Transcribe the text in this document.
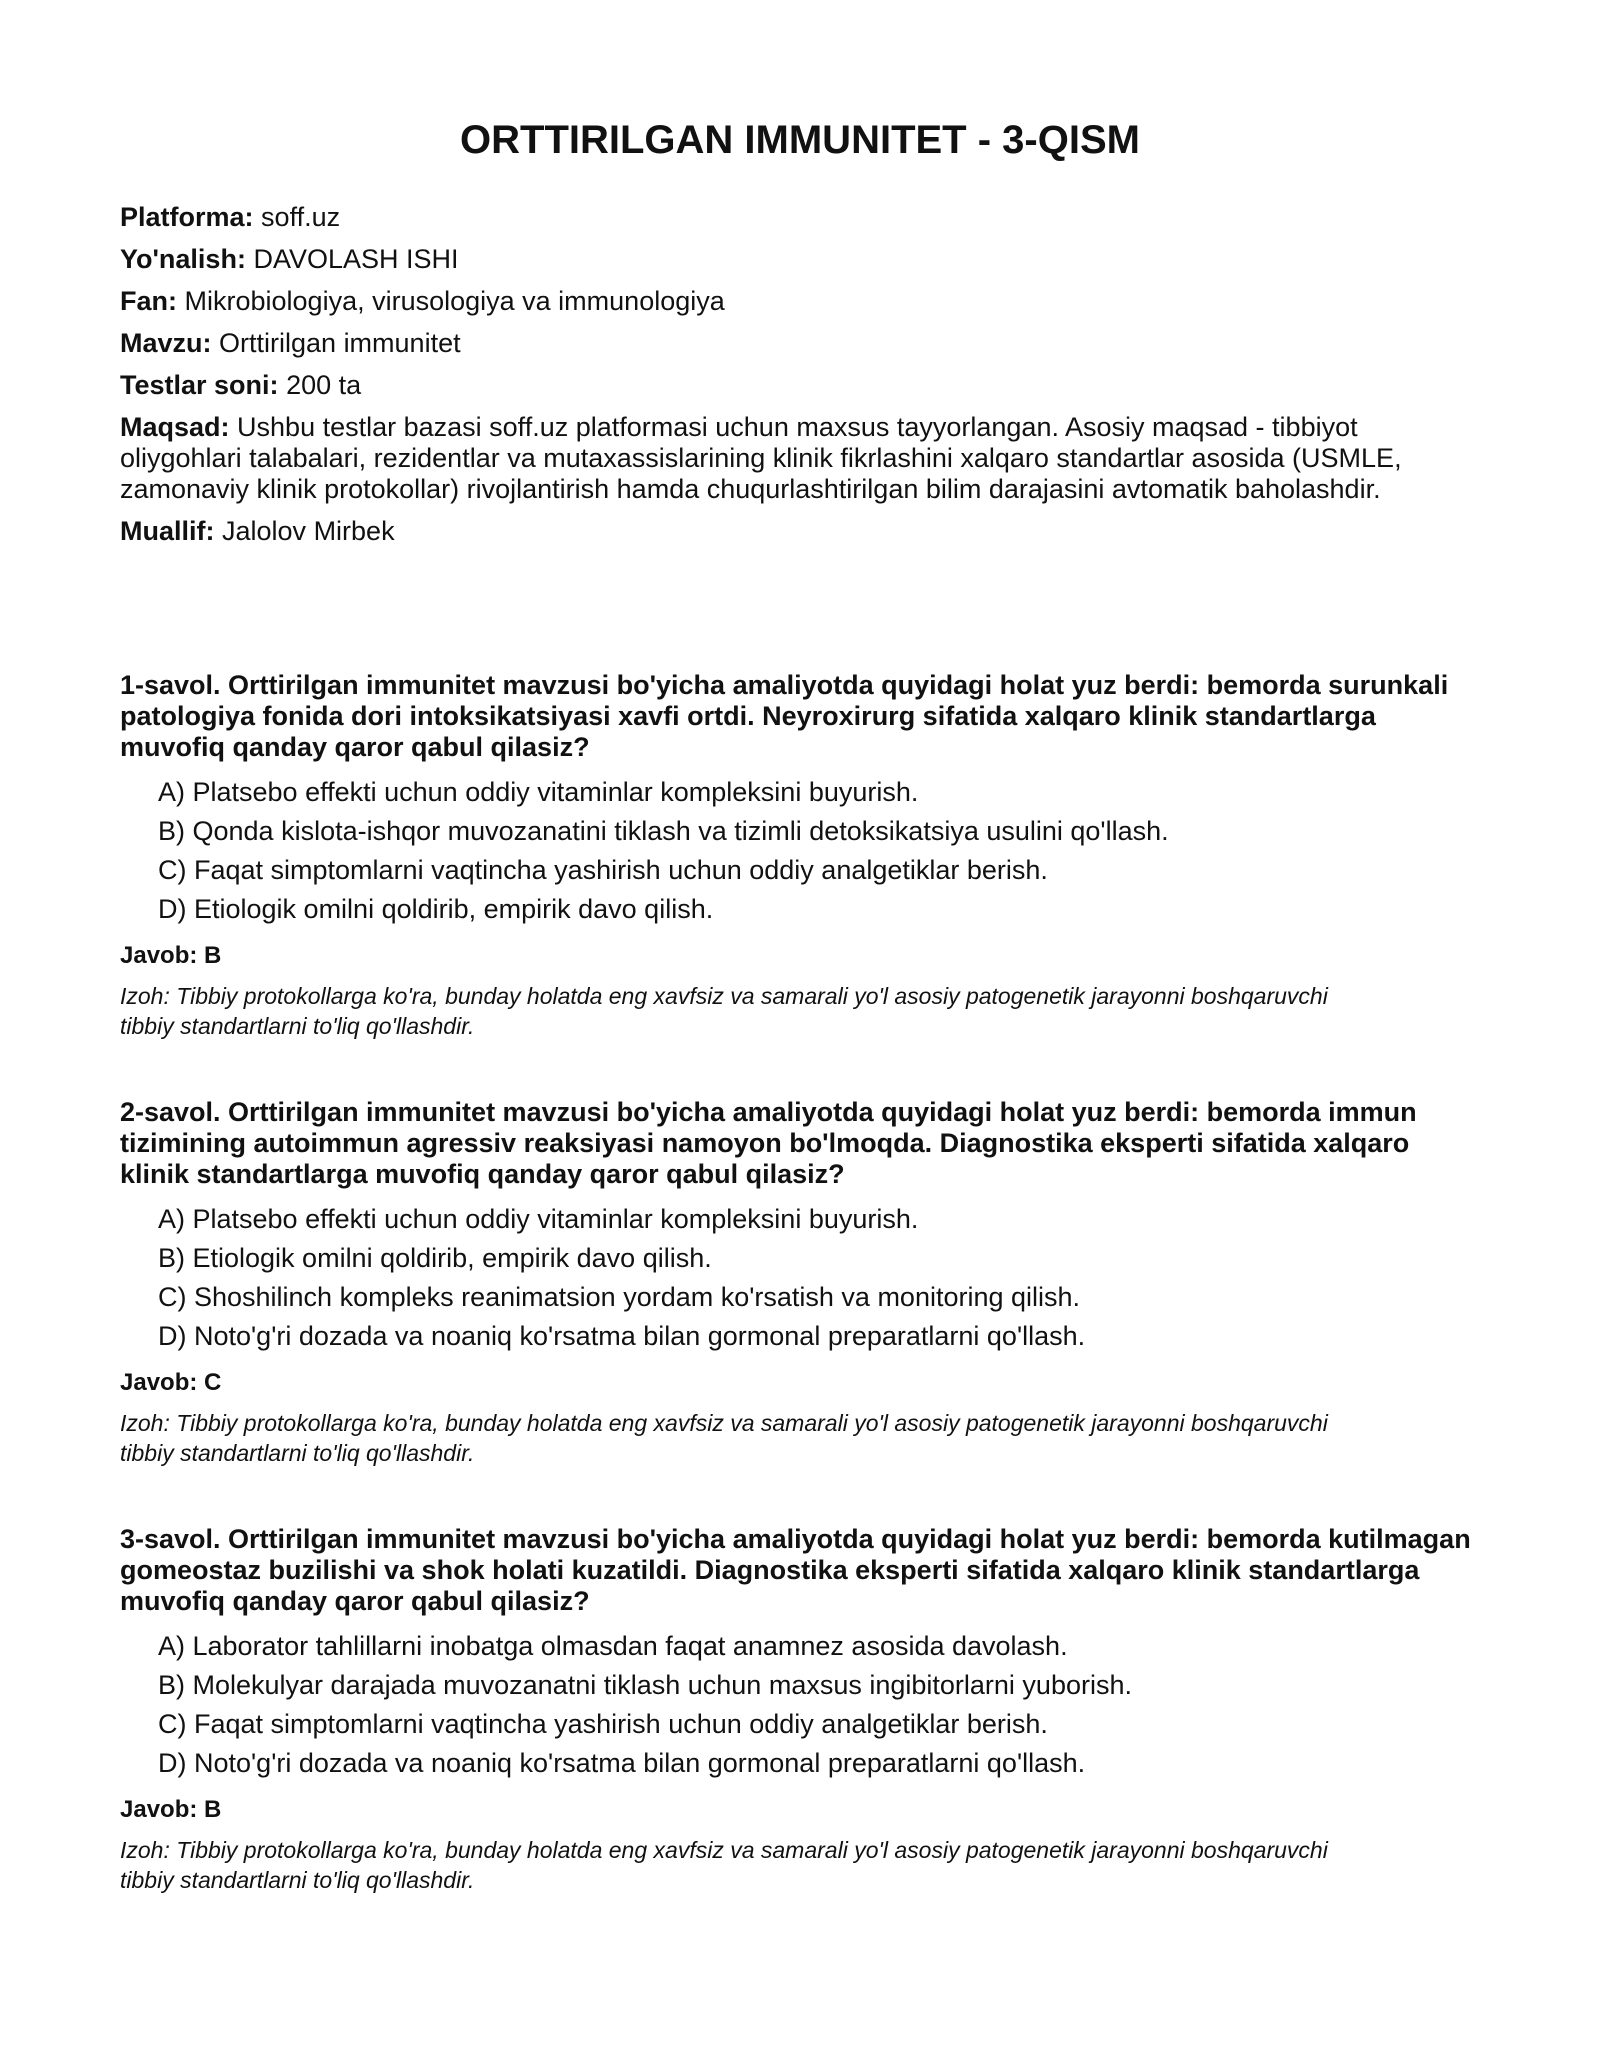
ORTTIRILGAN IMMUNITET - 3-QISM

Platforma: soff.uz

Yo'nalish: DAVOLASH ISHI

Fan: Mikrobiologiya, virusologiya va immunologiya

Mavzu: Orttirilgan immunitet

Testlar soni: 200 ta

Maqsad: Ushbu testlar bazasi soff.uz platformasi uchun maxsus tayyorlangan. Asosiy maqsad - tibbiyot oliygohlari talabalari, rezidentlar va mutaxassislarining klinik fikrlashini xalqaro standartlar asosida (USMLE, zamonaviy klinik protokollar) rivojlantirish hamda chuqurlashtirilgan bilim darajasini avtomatik baholashdir.

Muallif: Jalolov Mirbek

1-savol. Orttirilgan immunitet mavzusi bo'yicha amaliyotda quyidagi holat yuz berdi: bemorda surunkali patologiya fonida dori intoksikatsiyasi xavfi ortdi. Neyroxirurg sifatida xalqaro klinik standartlarga muvofiq qanday qaror qabul qilasiz?

A) Platsebo effekti uchun oddiy vitaminlar kompleksini buyurish.
B) Qonda kislota-ishqor muvozanatini tiklash va tizimli detoksikatsiya usulini qo'llash.
C) Faqat simptomlarni vaqtincha yashirish uchun oddiy analgetiklar berish.
D) Etiologik omilni qoldirib, empirik davo qilish.
Javob: B
Izoh: Tibbiy protokollarga ko'ra, bunday holatda eng xavfsiz va samarali yo'l asosiy patogenetik jarayonni boshqaruvchi tibbiy standartlarni to'liq qo'llashdir.

2-savol. Orttirilgan immunitet mavzusi bo'yicha amaliyotda quyidagi holat yuz berdi: bemorda immun tizimining autoimmun agressiv reaksiyasi namoyon bo'lmoqda. Diagnostika eksperti sifatida xalqaro klinik standartlarga muvofiq qanday qaror qabul qilasiz?

A) Platsebo effekti uchun oddiy vitaminlar kompleksini buyurish.
B) Etiologik omilni qoldirib, empirik davo qilish.
C) Shoshilinch kompleks reanimatsion yordam ko'rsatish va monitoring qilish.
D) Noto'g'ri dozada va noaniq ko'rsatma bilan gormonal preparatlarni qo'llash.
Javob: C
Izoh: Tibbiy protokollarga ko'ra, bunday holatda eng xavfsiz va samarali yo'l asosiy patogenetik jarayonni boshqaruvchi tibbiy standartlarni to'liq qo'llashdir.

3-savol. Orttirilgan immunitet mavzusi bo'yicha amaliyotda quyidagi holat yuz berdi: bemorda kutilmagan gomeostaz buzilishi va shok holati kuzatildi. Diagnostika eksperti sifatida xalqaro klinik standartlarga muvofiq qanday qaror qabul qilasiz?

A) Laborator tahlillarni inobatga olmasdan faqat anamnez asosida davolash.
B) Molekulyar darajada muvozanatni tiklash uchun maxsus ingibitorlarni yuborish.
C) Faqat simptomlarni vaqtincha yashirish uchun oddiy analgetiklar berish.
D) Noto'g'ri dozada va noaniq ko'rsatma bilan gormonal preparatlarni qo'llash.
Javob: B
Izoh: Tibbiy protokollarga ko'ra, bunday holatda eng xavfsiz va samarali yo'l asosiy patogenetik jarayonni boshqaruvchi tibbiy standartlarni to'liq qo'llashdir.
